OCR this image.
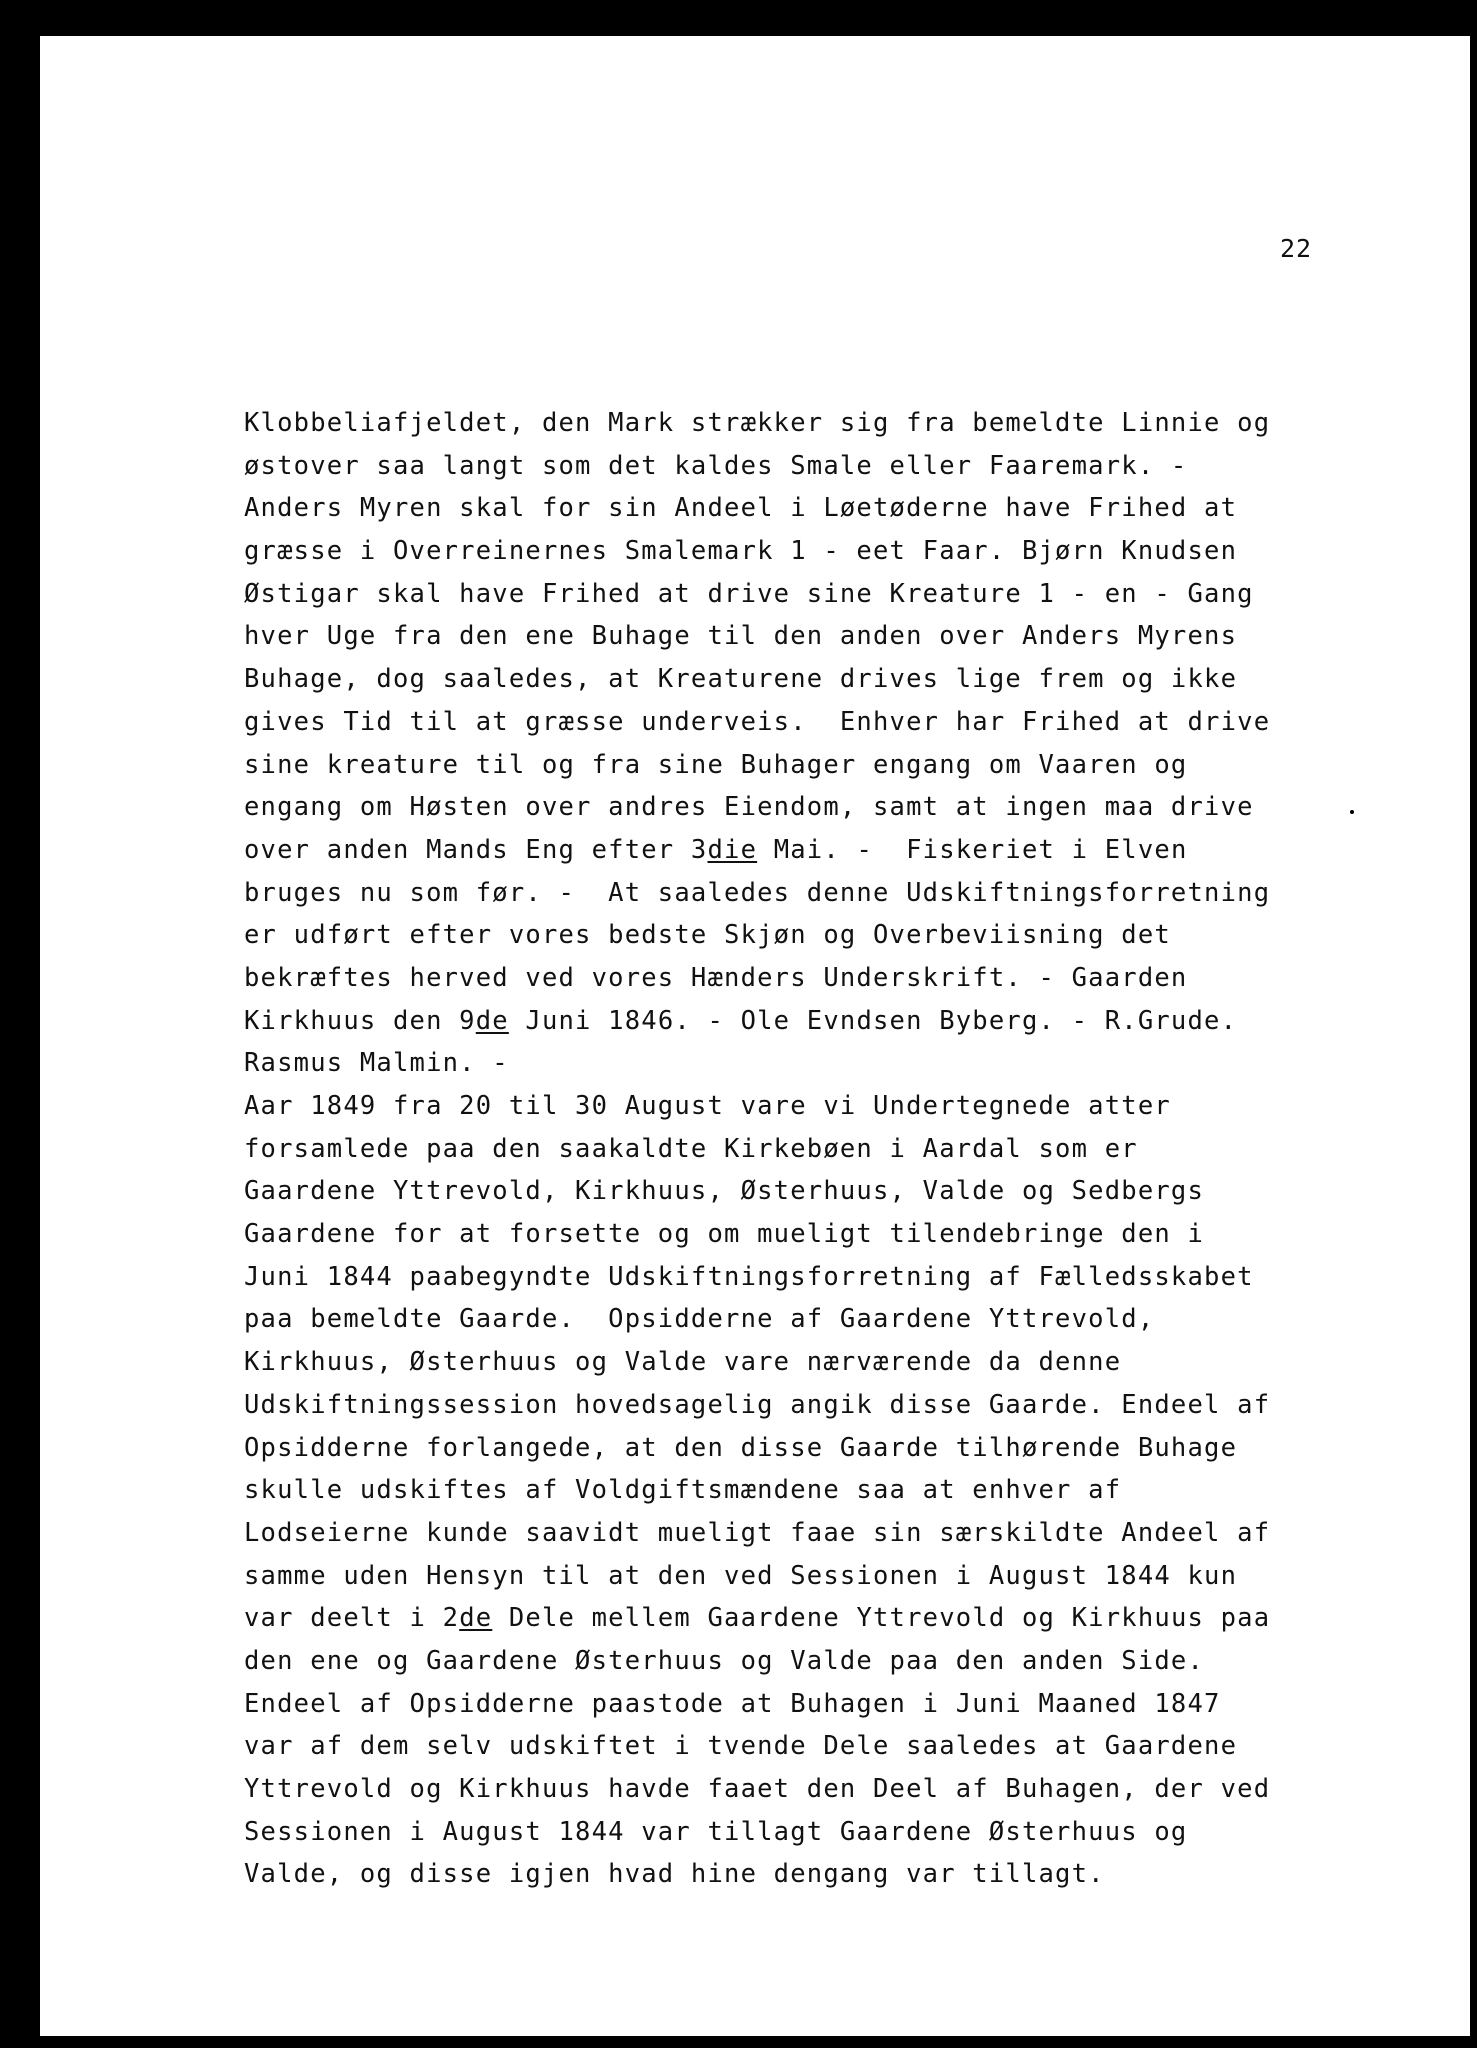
22
Klobbeliafjeldet, den Mark strækker sig fra bemeldte Linnie og
østover saa langt som det kaldes Smale eller Faaremark. -
Anders Myren skal for sin Andeel i Løetøderne have Frihed at
græsse i Overreinernes Smalemark 1 - eet Faar. Bjørn Knudsen
Østigar skal have Frihed at drive sine Kreature 1 - en - Gang
hver Uge fra den ene Buhage til den anden over Anders Myrens
Buhage, dog saaledes, at Kreaturene drives lige frem og ikke
gives Tid til at græsse underveis.  Enhver har Frihed at drive
sine kreature til og fra sine Buhager engang om Vaaren og
engang om Høsten over andres Eiendom, samt at ingen maa drive
over anden Mands Eng efter 3die Mai. -  Fiskeriet i Elven
bruges nu som før. -  At saaledes denne Udskiftningsforretning
er udført efter vores bedste Skjøn og Overbeviisning det
bekræftes herved ved vores Hænders Underskrift. - Gaarden
Kirkhuus den 9de Juni 1846. - Ole Evndsen Byberg. - R.Grude.
Rasmus Malmin. -
Aar 1849 fra 20 til 30 August vare vi Undertegnede atter
forsamlede paa den saakaldte Kirkebøen i Aardal som er
Gaardene Yttrevold, Kirkhuus, Østerhuus, Valde og Sedbergs
Gaardene for at forsette og om mueligt tilendebringe den i
Juni 1844 paabegyndte Udskiftningsforretning af Fælledsskabet
paa bemeldte Gaarde.  Opsidderne af Gaardene Yttrevold,
Kirkhuus, Østerhuus og Valde vare nærværende da denne
Udskiftningssession hovedsagelig angik disse Gaarde. Endeel af
Opsidderne forlangede, at den disse Gaarde tilhørende Buhage
skulle udskiftes af Voldgiftsmændene saa at enhver af
Lodseierne kunde saavidt mueligt faae sin særskildte Andeel af
samme uden Hensyn til at den ved Sessionen i August 1844 kun
var deelt i 2de Dele mellem Gaardene Yttrevold og Kirkhuus paa
den ene og Gaardene Østerhuus og Valde paa den anden Side.
Endeel af Opsidderne paastode at Buhagen i Juni Maaned 1847
var af dem selv udskiftet i tvende Dele saaledes at Gaardene
Yttrevold og Kirkhuus havde faaet den Deel af Buhagen, der ved
Sessionen i August 1844 var tillagt Gaardene Østerhuus og
Valde, og disse igjen hvad hine dengang var tillagt.
